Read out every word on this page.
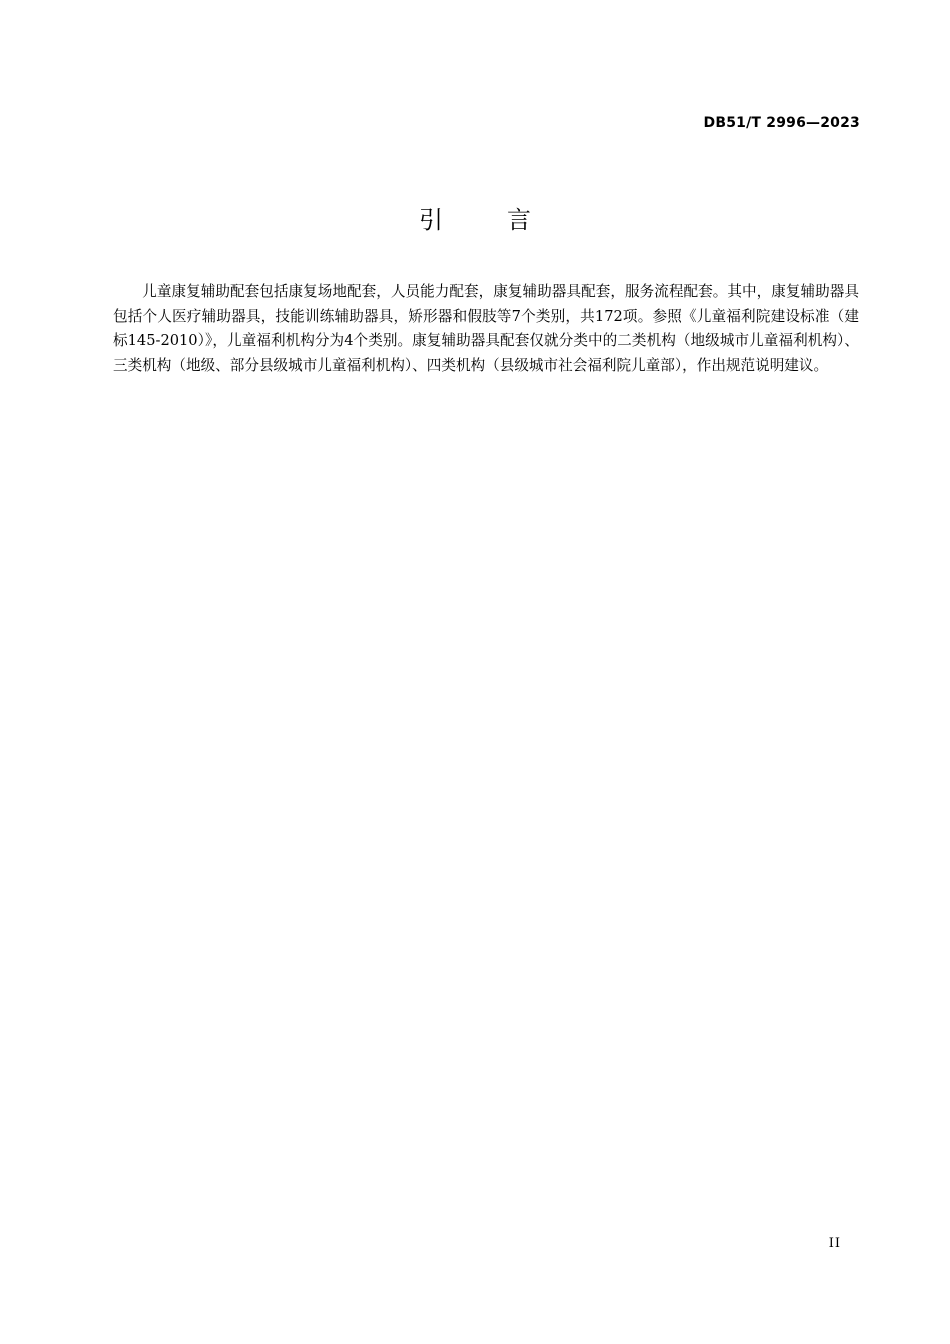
DB51/T 2996—2023
引言

儿童康复辅助配套包括康复场地配套，人员能力配套，康复辅助器具配套，服务流程配套。其中，康复辅助器具包括个人医疗辅助器具，技能训练辅助器具，矫形器和假肢等7个类别，共172项。参照《儿童福利院建设标准（建标145-2010）》，儿童福利机构分为4个类别。康复辅助器具配套仅就分类中的二类机构（地级城市儿童福利机构）、三类机构（地级、部分县级城市儿童福利机构）、四类机构（县级城市社会福利院儿童部），作出规范说明建议。

II
